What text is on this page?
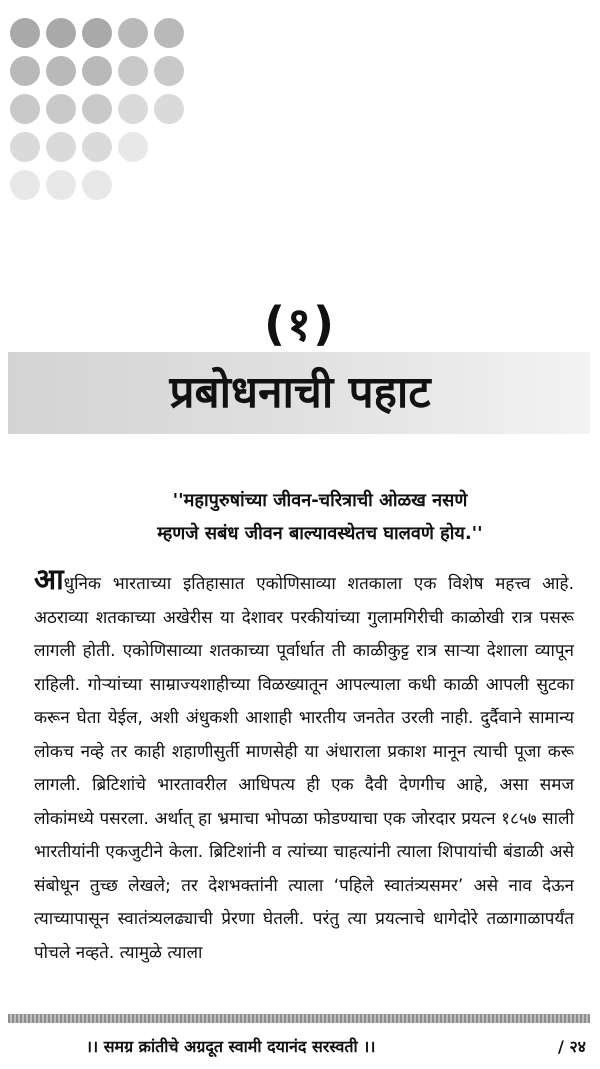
(१)
प्रबोधनाची पहाट
''महापुरुषांच्या जीवन-चरित्राची ओळख नसणे
म्हणजे सबंध जीवन बाल्यावस्थेतच घालवणे होय.''

आधुनिक भारताच्या इतिहासात एकोणिसाव्या शतकाला एक विशेष महत्त्व आहे. अठराव्या शतकाच्या अखेरीस या देशावर परकीयांच्या गुलामगिरीची काळोखी रात्र पसरू लागली होती. एकोणिसाव्या शतकाच्या पूर्वार्धात ती काळीकुट्ट रात्र साऱ्या देशाला व्यापून राहिली. गोऱ्यांच्या साम्राज्यशाहीच्या विळख्यातून आपल्याला कधी काळी आपली सुटका करून घेता येईल, अशी अंधुकशी आशाही भारतीय जनतेत उरली नाही. दुर्दैवाने सामान्य लोकच नव्हे तर काही शहाणीसुर्ती माणसेही या अंधाराला प्रकाश मानून त्याची पूजा करू लागली. ब्रिटिशांचे भारतावरील आधिपत्य ही एक दैवी देणगीच आहे, असा समज लोकांमध्ये पसरला. अर्थात् हा भ्रमाचा भोपळा फोडण्याचा एक जोरदार प्रयत्न १८५७ साली भारतीयांनी एकजुटीने केला. ब्रिटिशांनी व त्यांच्या चाहत्यांनी त्याला शिपायांची बंडाळी असे संबोधून तुच्छ लेखले; तर देशभक्तांनी त्याला ‘पहिले स्वातंत्र्यसमर’ असे नाव देऊन त्याच्यापासून स्वातंत्र्यलढ्याची प्रेरणा घेतली. परंतु त्या प्रयत्नाचे धागेदोरे तळागाळापर्यंत पोचले नव्हते. त्यामुळे त्याला

।। समग्र क्रांतीचे अग्रदूत स्वामी दयानंद सरस्वती ।।	/ २४
